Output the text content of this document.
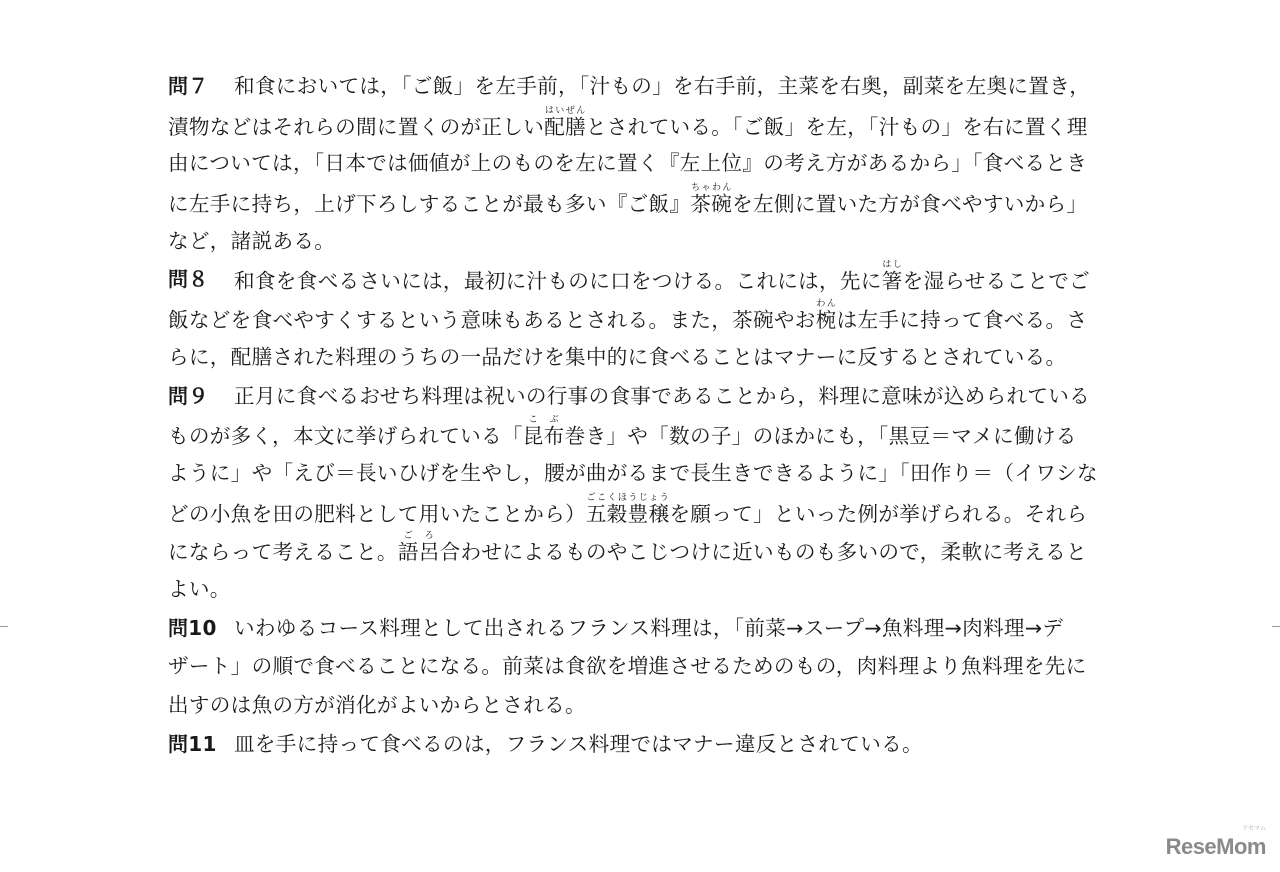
問７ 和食においては，「ご飯」を左手前，「汁もの」を右手前，主菜を右奥，副菜を左奥に置き，
漬物などはそれらの間に置くのが正しい配膳はいぜんとされている。「ご飯」を左，「汁もの」を右に置く理
由については，「日本では価値が上のものを左に置く『左上位』の考え方があるから」「食べるとき
に左手に持ち，上げ下ろしすることが最も多い『ご飯』茶碗ちゃわんを左側に置いた方が食べやすいから」
など，諸説ある。
問８ 和食を食べるさいには，最初に汁ものに口をつける。これには，先に箸はしを湿らせることでご
飯などを食べやすくするという意味もあるとされる。また，茶碗やお椀わんは左手に持って食べる。さ
らに，配膳された料理のうちの一品だけを集中的に食べることはマナーに反するとされている。
問９ 正月に食べるおせち料理は祝いの行事の食事であることから，料理に意味が込められている
ものが多く，本文に挙げられている「昆布こぶ巻き」や「数の子」のほかにも，「黒豆＝マメに働ける
ように」や「えび＝長いひげを生やし，腰が曲がるまで長生きできるように」「田作り＝（イワシな
どの小魚を田の肥料として用いたことから）五穀豊穣ごこくほうじょうを願って」といった例が挙げられる。それら
にならって考えること。語呂ごろ合わせによるものやこじつけに近いものも多いので，柔軟に考えると
よい。
問10 いわゆるコース料理として出されるフランス料理は，「前菜→スープ→魚料理→肉料理→デ
ザート」の順で食べることになる。前菜は食欲を増進させるためのもの，肉料理より魚料理を先に
出すのは魚の方が消化がよいからとされる。
問11 皿を手に持って食べるのは，フランス料理ではマナー違反とされている。
リセマム
ReseMom
